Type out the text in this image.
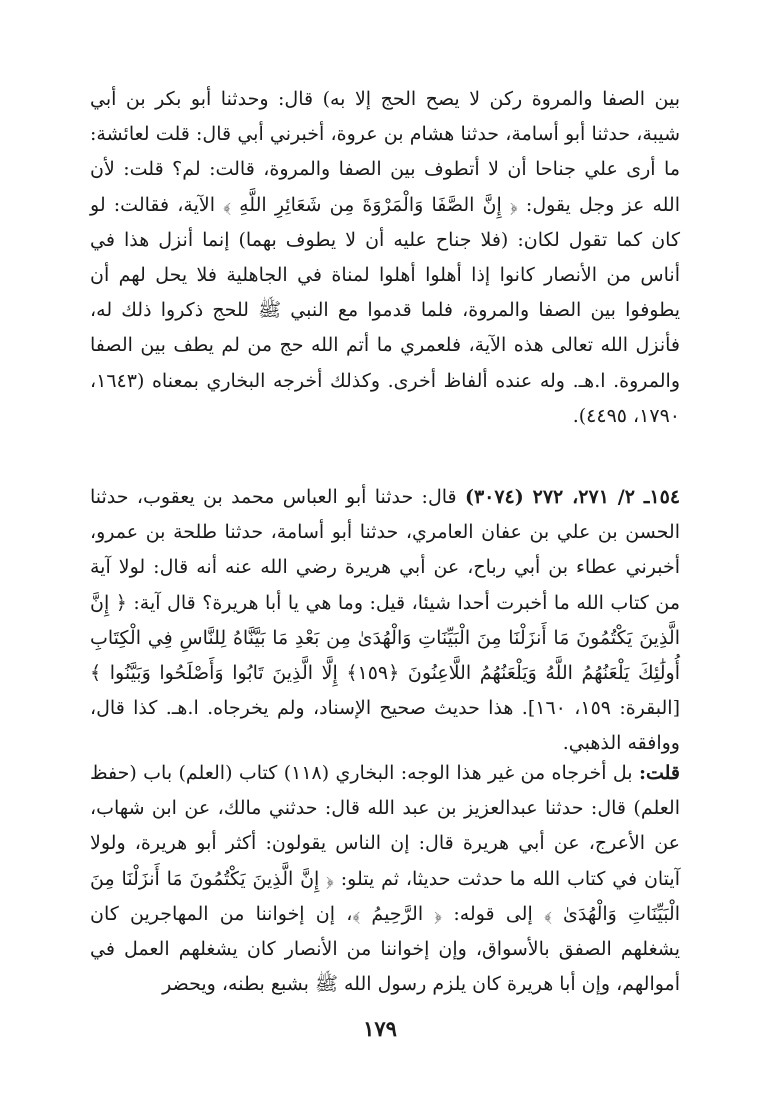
بين الصفا والمروة ركن لا يصح الحج إلا به) قال: وحدثنا أبو بكر بن أبي شيبة، حدثنا أبو أسامة، حدثنا هشام بن عروة، أخبرني أبي قال: قلت لعائشة: ما أرى علي جناحا أن لا أتطوف بين الصفا والمروة، قالت: لم؟ قلت: لأن الله عز وجل يقول: ﴿ إِنَّ الصَّفَا وَالْمَرْوَةَ مِن شَعَائِرِ اللَّهِ ﴾ الآية، فقالت: لو كان كما تقول لكان: (فلا جناح عليه أن لا يطوف بهما) إنما أنزل هذا في أناس من الأنصار كانوا إذا أهلوا أهلوا لمناة في الجاهلية فلا يحل لهم أن يطوفوا بين الصفا والمروة، فلما قدموا مع النبي ﷺ للحج ذكروا ذلك له، فأنزل الله تعالى هذه الآية، فلعمري ما أتم الله حج من لم يطف بين الصفا والمروة. ا.هـ. وله عنده ألفاظ أخرى. وكذلك أخرجه البخاري بمعناه (١٦٤٣، ١٧٩٠، ٤٤٩٥).

١٥٤ـ ٢/ ٢٧١، ٢٧٢ (٣٠٧٤) قال: حدثنا أبو العباس محمد بن يعقوب، حدثنا الحسن بن علي بن عفان العامري، حدثنا أبو أسامة، حدثنا طلحة بن عمرو، أخبرني عطاء بن أبي رباح، عن أبي هريرة رضي الله عنه أنه قال: لولا آية من كتاب الله ما أخبرت أحدا شيئا، قيل: وما هي يا أبا هريرة؟ قال آية: ﴿ إِنَّ الَّذِينَ يَكْتُمُونَ مَا أَنزَلْنَا مِنَ الْبَيِّنَاتِ وَالْهُدَىٰ مِن بَعْدِ مَا بَيَّنَّاهُ لِلنَّاسِ فِي الْكِتَابِ أُولَٰئِكَ يَلْعَنُهُمُ اللَّهُ وَيَلْعَنُهُمُ اللَّاعِنُونَ ﴿١٥٩﴾ إِلَّا الَّذِينَ تَابُوا وَأَصْلَحُوا وَبَيَّنُوا ﴾ [البقرة: ١٥٩، ١٦٠]. هذا حديث صحيح الإسناد، ولم يخرجاه. ا.هـ. كذا قال، ووافقه الذهبي.

قلت: بل أخرجاه من غير هذا الوجه: البخاري (١١٨) كتاب (العلم) باب (حفظ العلم) قال: حدثنا عبدالعزيز بن عبد الله قال: حدثني مالك، عن ابن شهاب، عن الأعرج، عن أبي هريرة قال: إن الناس يقولون: أكثر أبو هريرة، ولولا آيتان في كتاب الله ما حدثت حديثا، ثم يتلو: ﴿ إِنَّ الَّذِينَ يَكْتُمُونَ مَا أَنزَلْنَا مِنَ الْبَيِّنَاتِ وَالْهُدَىٰ ﴾ إلى قوله: ﴿ الرَّحِيمُ ﴾، إن إخواننا من المهاجرين كان يشغلهم الصفق بالأسواق، وإن إخواننا من الأنصار كان يشغلهم العمل في أموالهم، وإن أبا هريرة كان يلزم رسول الله ﷺ بشبع بطنه، ويحضر

١٧٩
